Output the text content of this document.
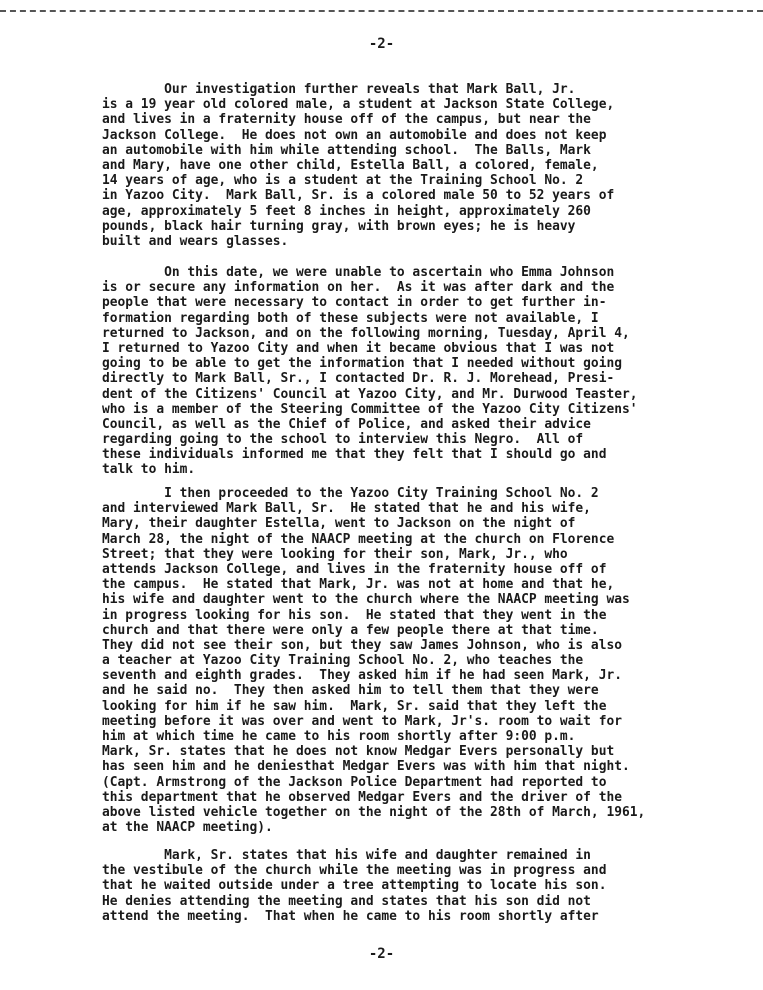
-2-
Our investigation further reveals that Mark Ball, Jr.
is a 19 year old colored male, a student at Jackson State College,
and lives in a fraternity house off of the campus, but near the
Jackson College.  He does not own an automobile and does not keep
an automobile with him while attending school.  The Balls, Mark
and Mary, have one other child, Estella Ball, a colored, female,
14 years of age, who is a student at the Training School No. 2
in Yazoo City.  Mark Ball, Sr. is a colored male 50 to 52 years of
age, approximately 5 feet 8 inches in height, approximately 260
pounds, black hair turning gray, with brown eyes; he is heavy
built and wears glasses.
On this date, we were unable to ascertain who Emma Johnson
is or secure any information on her.  As it was after dark and the
people that were necessary to contact in order to get further in-
formation regarding both of these subjects were not available, I
returned to Jackson, and on the following morning, Tuesday, April 4,
I returned to Yazoo City and when it became obvious that I was not
going to be able to get the information that I needed without going
directly to Mark Ball, Sr., I contacted Dr. R. J. Morehead, Presi-
dent of the Citizens' Council at Yazoo City, and Mr. Durwood Teaster,
who is a member of the Steering Committee of the Yazoo City Citizens'
Council, as well as the Chief of Police, and asked their advice
regarding going to the school to interview this Negro.  All of
these individuals informed me that they felt that I should go and
talk to him.
I then proceeded to the Yazoo City Training School No. 2
and interviewed Mark Ball, Sr.  He stated that he and his wife,
Mary, their daughter Estella, went to Jackson on the night of
March 28, the night of the NAACP meeting at the church on Florence
Street; that they were looking for their son, Mark, Jr., who
attends Jackson College, and lives in the fraternity house off of
the campus.  He stated that Mark, Jr. was not at home and that he,
his wife and daughter went to the church where the NAACP meeting was
in progress looking for his son.  He stated that they went in the
church and that there were only a few people there at that time.
They did not see their son, but they saw James Johnson, who is also
a teacher at Yazoo City Training School No. 2, who teaches the
seventh and eighth grades.  They asked him if he had seen Mark, Jr.
and he said no.  They then asked him to tell them that they were
looking for him if he saw him.  Mark, Sr. said that they left the
meeting before it was over and went to Mark, Jr's. room to wait for
him at which time he came to his room shortly after 9:00 p.m.
Mark, Sr. states that he does not know Medgar Evers personally but
has seen him and he deniesthat Medgar Evers was with him that night.
(Capt. Armstrong of the Jackson Police Department had reported to
this department that he observed Medgar Evers and the driver of the
above listed vehicle together on the night of the 28th of March, 1961,
at the NAACP meeting).
Mark, Sr. states that his wife and daughter remained in
the vestibule of the church while the meeting was in progress and
that he waited outside under a tree attempting to locate his son.
He denies attending the meeting and states that his son did not
attend the meeting.  That when he came to his room shortly after
-2-
